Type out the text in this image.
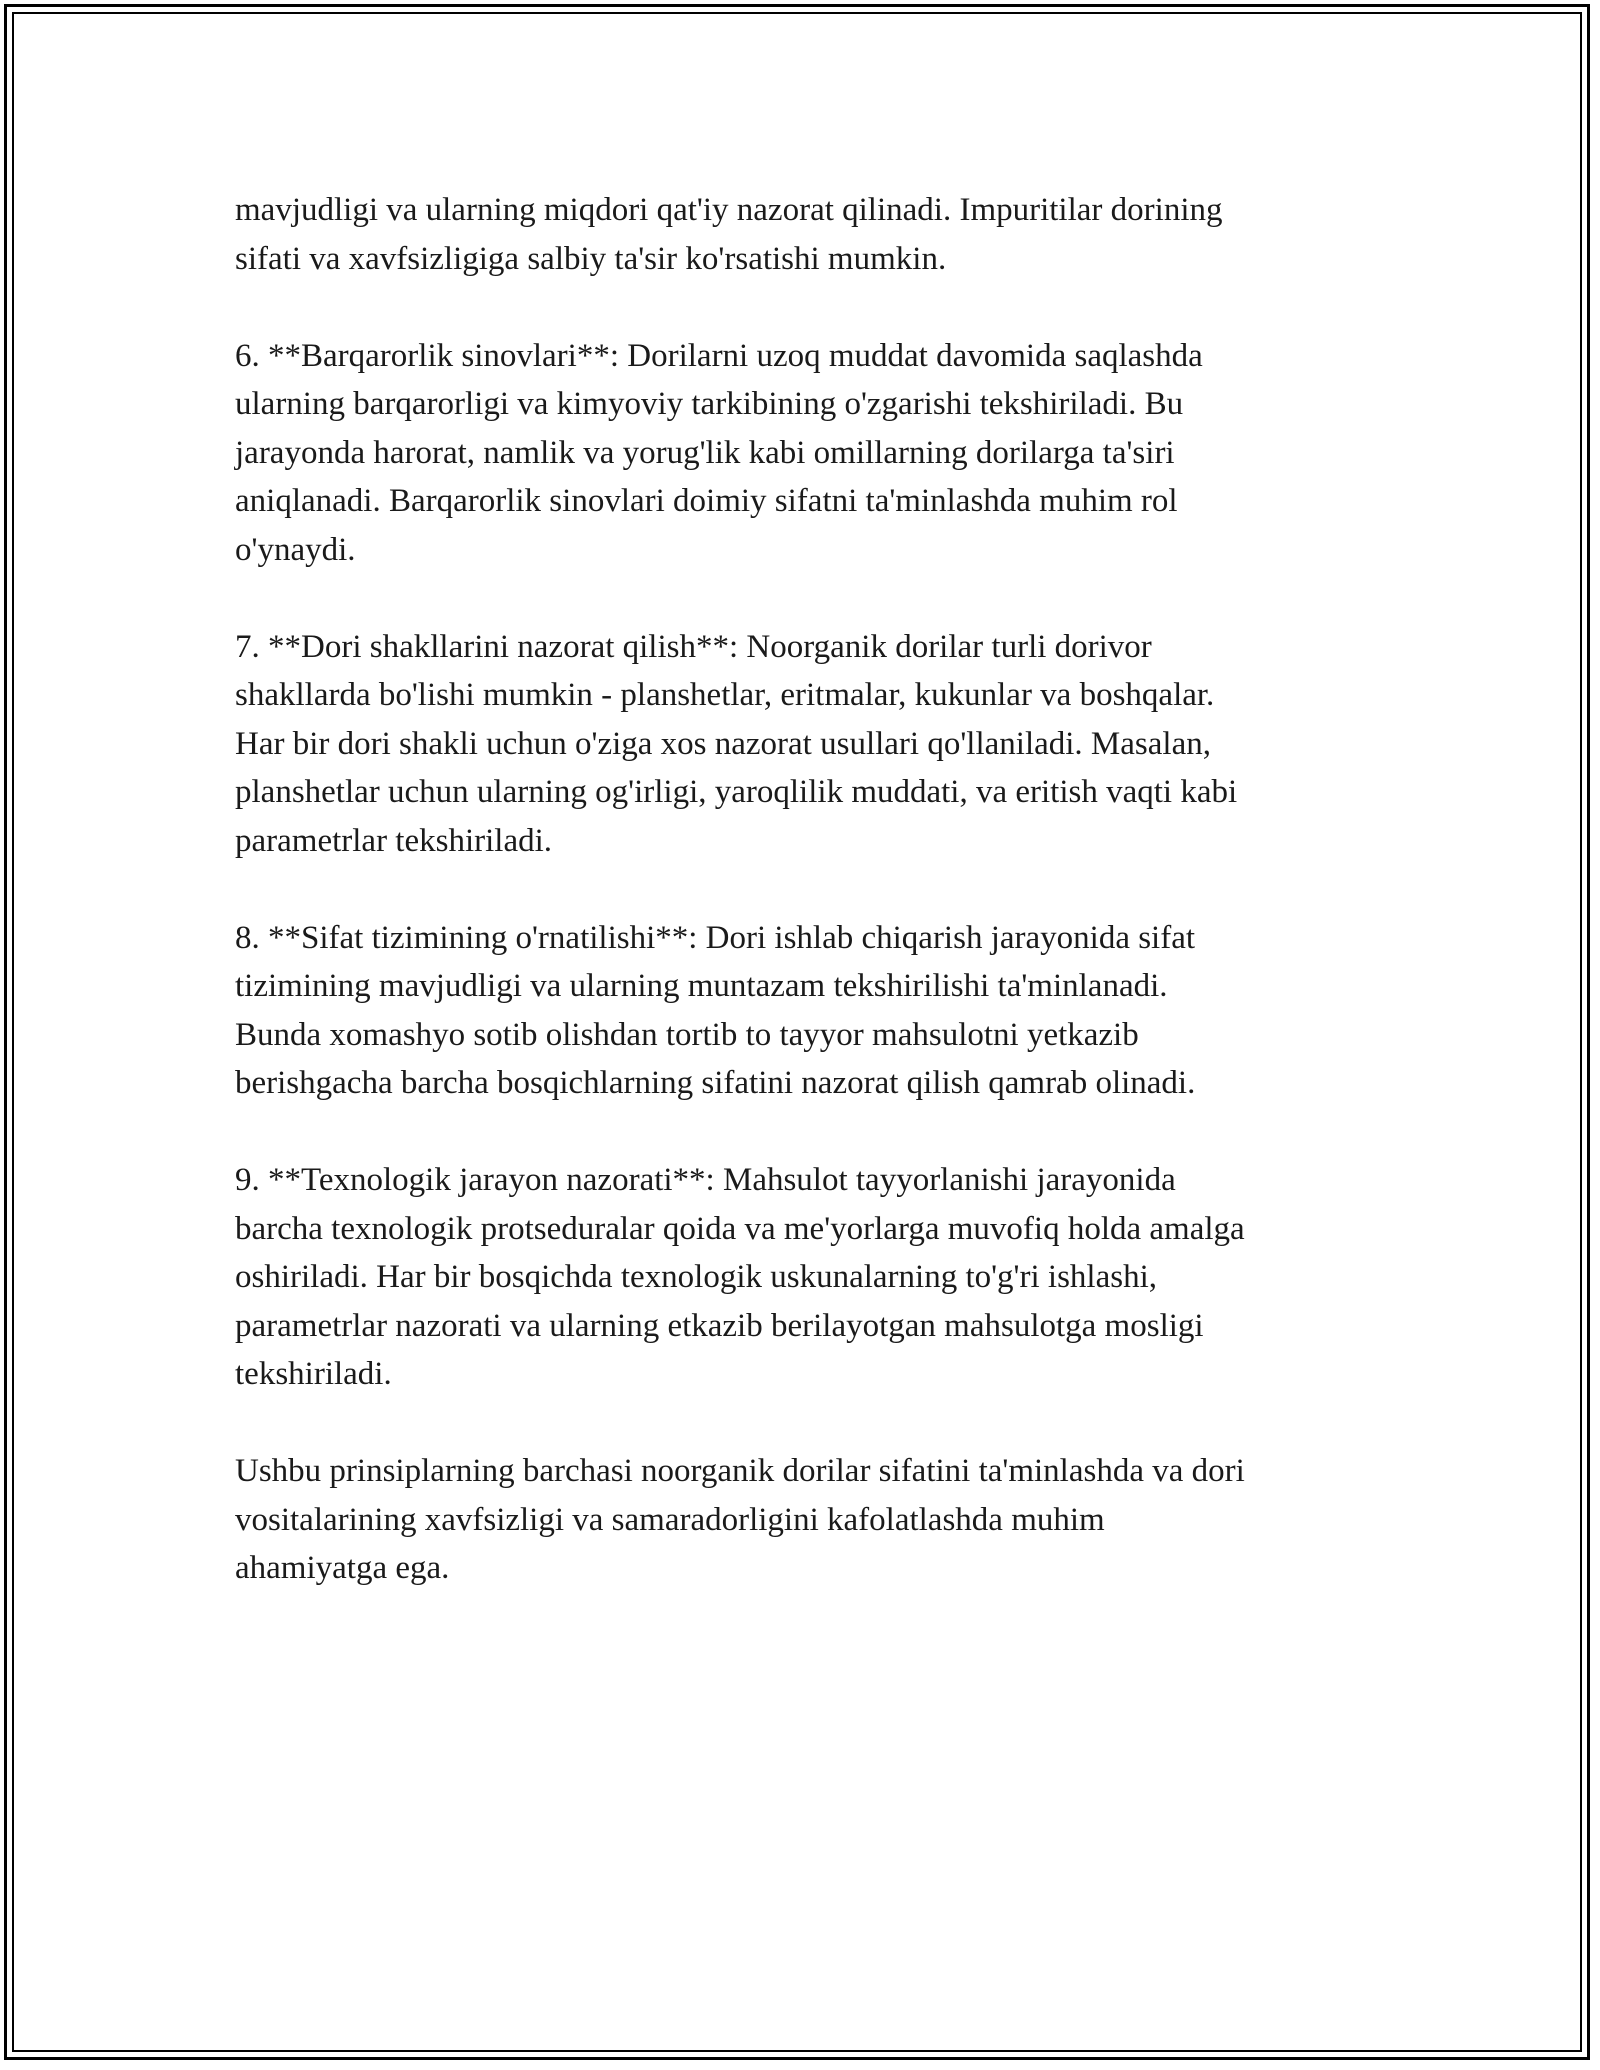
mavjudligi va ularning miqdori qat'iy nazorat qilinadi. Impuritilar dorining
sifati va xavfsizligiga salbiy ta'sir ko'rsatishi mumkin.

6. **Barqarorlik sinovlari**: Dorilarni uzoq muddat davomida saqlashda
ularning barqarorligi va kimyoviy tarkibining o'zgarishi tekshiriladi. Bu
jarayonda harorat, namlik va yorug'lik kabi omillarning dorilarga ta'siri
aniqlanadi. Barqarorlik sinovlari doimiy sifatni ta'minlashda muhim rol
o'ynaydi.

7. **Dori shakllarini nazorat qilish**: Noorganik dorilar turli dorivor
shakllarda bo'lishi mumkin - planshetlar, eritmalar, kukunlar va boshqalar.
Har bir dori shakli uchun o'ziga xos nazorat usullari qo'llaniladi. Masalan,
planshetlar uchun ularning og'irligi, yaroqlilik muddati, va eritish vaqti kabi
parametrlar tekshiriladi.

8. **Sifat tizimining o'rnatilishi**: Dori ishlab chiqarish jarayonida sifat
tizimining mavjudligi va ularning muntazam tekshirilishi ta'minlanadi.
Bunda xomashyo sotib olishdan tortib to tayyor mahsulotni yetkazib
berishgacha barcha bosqichlarning sifatini nazorat qilish qamrab olinadi.

9. **Texnologik jarayon nazorati**: Mahsulot tayyorlanishi jarayonida
barcha texnologik protseduralar qoida va me'yorlarga muvofiq holda amalga
oshiriladi. Har bir bosqichda texnologik uskunalarning to'g'ri ishlashi,
parametrlar nazorati va ularning etkazib berilayotgan mahsulotga mosligi
tekshiriladi.

Ushbu prinsiplarning barchasi noorganik dorilar sifatini ta'minlashda va dori
vositalarining xavfsizligi va samaradorligini kafolatlashda muhim
ahamiyatga ega.
